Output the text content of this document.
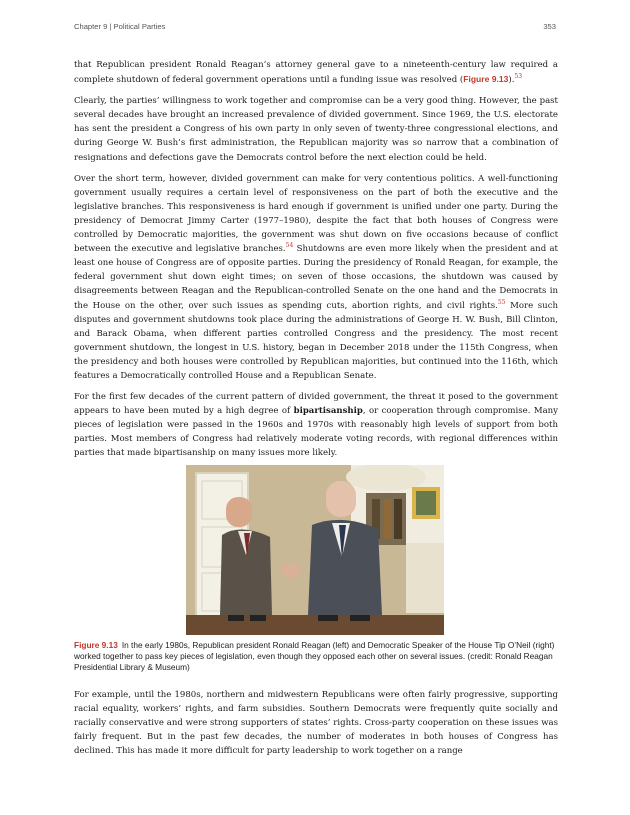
Chapter 9 | Political Parties	353

that Republican president Ronald Reagan’s attorney general gave to a nineteenth-century law required a complete shutdown of federal government operations until a funding issue was resolved (Figure 9.13).$^{53}$

Clearly, the parties’ willingness to work together and compromise can be a very good thing. However, the past several decades have brought an increased prevalence of divided government. Since 1969, the U.S. electorate has sent the president a Congress of his own party in only seven of twenty-three congressional elections, and during George W. Bush’s first administration, the Republican majority was so narrow that a combination of resignations and defections gave the Democrats control before the next election could be held.

Over the short term, however, divided government can make for very contentious politics. A well-functioning government usually requires a certain level of responsiveness on the part of both the executive and the legislative branches. This responsiveness is hard enough if government is unified under one party. During the presidency of Democrat Jimmy Carter (1977–1980), despite the fact that both houses of Congress were controlled by Democratic majorities, the government was shut down on five occasions because of conflict between the executive and legislative branches.$^{54}$ Shutdowns are even more likely when the president and at least one house of Congress are of opposite parties. During the presidency of Ronald Reagan, for example, the federal government shut down eight times; on seven of those occasions, the shutdown was caused by disagreements between Reagan and the Republican-controlled Senate on the one hand and the Democrats in the House on the other, over such issues as spending cuts, abortion rights, and civil rights.$^{55}$ More such disputes and government shutdowns took place during the administrations of George H. W. Bush, Bill Clinton, and Barack Obama, when different parties controlled Congress and the presidency. The most recent government shutdown, the longest in U.S. history, began in December 2018 under the 115th Congress, when the presidency and both houses were controlled by Republican majorities, but continued into the 116th, which features a Democratically controlled House and a Republican Senate.

For the first few decades of the current pattern of divided government, the threat it posed to the government appears to have been muted by a high degree of bipartisanship, or cooperation through compromise. Many pieces of legislation were passed in the 1960s and 1970s with reasonably high levels of support from both parties. Most members of Congress had relatively moderate voting records, with regional differences within parties that made bipartisanship on many issues more likely.

Figure 9.13 In the early 1980s, Republican president Ronald Reagan (left) and Democratic Speaker of the House Tip O’Neil (right) worked together to pass key pieces of legislation, even though they opposed each other on several issues. (credit: Ronald Reagan Presidential Library & Museum)

For example, until the 1980s, northern and midwestern Republicans were often fairly progressive, supporting racial equality, workers’ rights, and farm subsidies. Southern Democrats were frequently quite socially and racially conservative and were strong supporters of states’ rights. Cross-party cooperation on these issues was fairly frequent. But in the past few decades, the number of moderates in both houses of Congress has declined. This has made it more difficult for party leadership to work together on a range
